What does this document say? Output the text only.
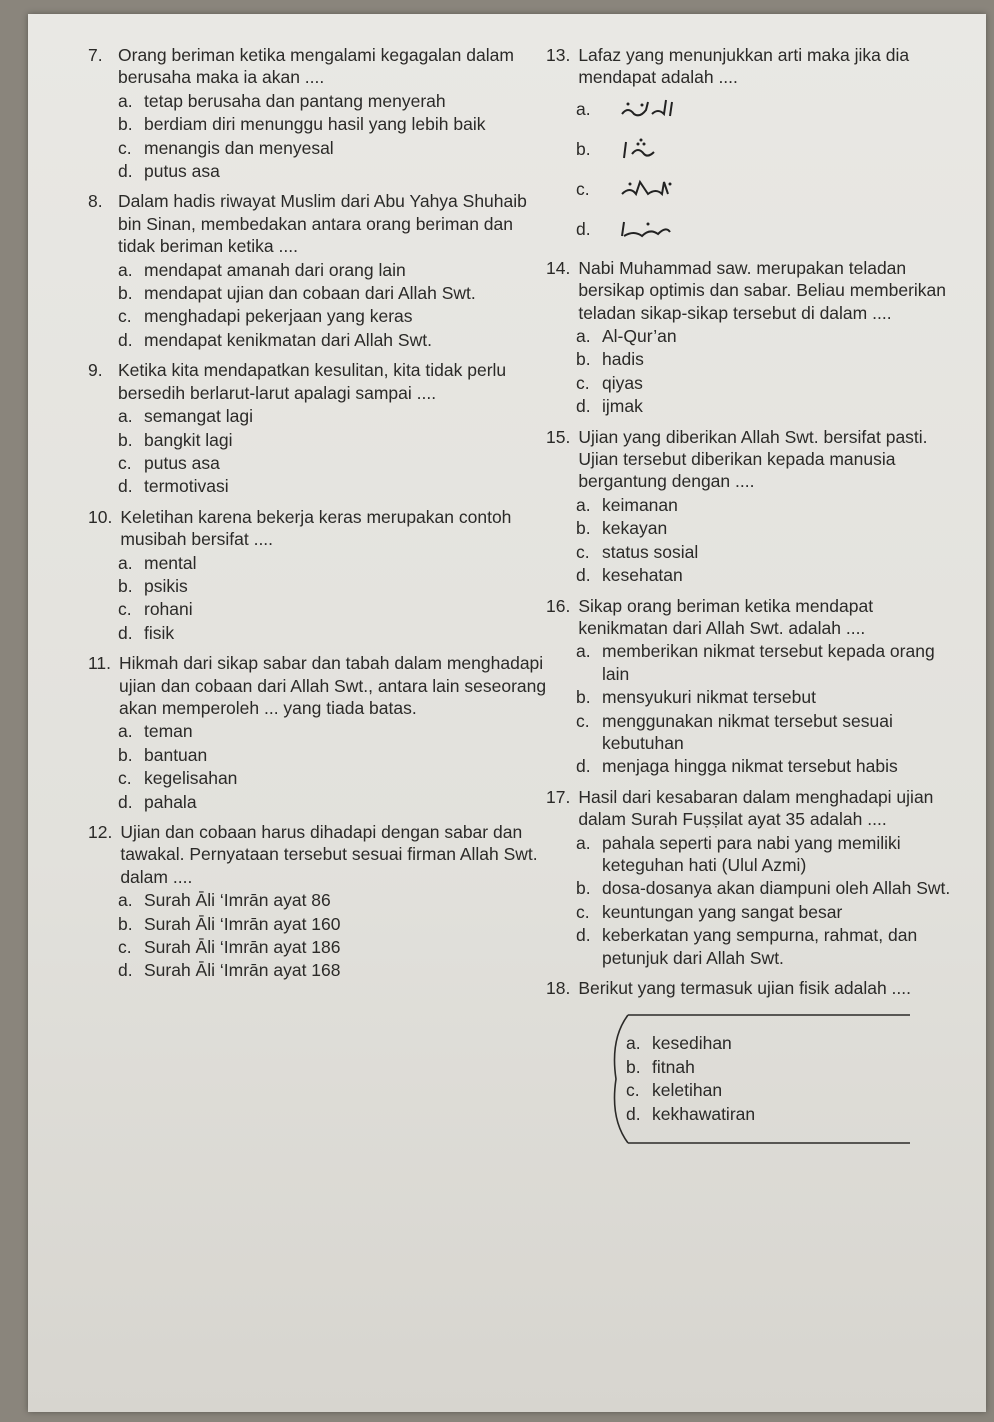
7. Orang beriman ketika mengalami kegagalan dalam berusaha maka ia akan ....
a. tetap berusaha dan pantang menyerah
b. berdiam diri menunggu hasil yang lebih baik
c. menangis dan menyesal
d. putus asa
8. Dalam hadis riwayat Muslim dari Abu Yahya Shuhaib bin Sinan, membedakan antara orang beriman dan tidak beriman ketika ....
a. mendapat amanah dari orang lain
b. mendapat ujian dan cobaan dari Allah Swt.
c. menghadapi pekerjaan yang keras
d. mendapat kenikmatan dari Allah Swt.
9. Ketika kita mendapatkan kesulitan, kita tidak perlu bersedih berlarut-larut apalagi sampai ....
a. semangat lagi
b. bangkit lagi
c. putus asa
d. termotivasi
10. Keletihan karena bekerja keras merupakan contoh musibah bersifat ....
a. mental
b. psikis
c. rohani
d. fisik
11. Hikmah dari sikap sabar dan tabah dalam menghadapi ujian dan cobaan dari Allah Swt., antara lain seseorang akan memperoleh ... yang tiada batas.
a. teman
b. bantuan
c. kegelisahan
d. pahala
12. Ujian dan cobaan harus dihadapi dengan sabar dan tawakal. Pernyataan tersebut sesuai firman Allah Swt. dalam ....
a. Surah Āli ‘Imrān ayat 86
b. Surah Āli ‘Imrān ayat 160
c. Surah Āli ‘Imrān ayat 186
d. Surah Āli ‘Imrān ayat 168
13. Lafaz yang menunjukkan arti maka jika dia mendapat adalah ....
a.
b.
c.
d.
14. Nabi Muhammad saw. merupakan teladan bersikap optimis dan sabar. Beliau memberikan teladan sikap-sikap tersebut di dalam ....
a. Al-Qur’an
b. hadis
c. qiyas
d. ijmak
15. Ujian yang diberikan Allah Swt. bersifat pasti. Ujian tersebut diberikan kepada manusia bergantung dengan ....
a. keimanan
b. kekayan
c. status sosial
d. kesehatan
16. Sikap orang beriman ketika mendapat kenikmatan dari Allah Swt. adalah ....
a. memberikan nikmat tersebut kepada orang lain
b. mensyukuri nikmat tersebut
c. menggunakan nikmat tersebut sesuai kebutuhan
d. menjaga hingga nikmat tersebut habis
17. Hasil dari kesabaran dalam menghadapi ujian dalam Surah Fuṣṣilat ayat 35 adalah ....
a. pahala seperti para nabi yang memiliki keteguhan hati (Ulul Azmi)
b. dosa-dosanya akan diampuni oleh Allah Swt.
c. keuntungan yang sangat besar
d. keberkatan yang sempurna, rahmat, dan petunjuk dari Allah Swt.
18. Berikut yang termasuk ujian fisik adalah ....
a. kesedihan
b. fitnah
c. keletihan
d. kekhawatiran
